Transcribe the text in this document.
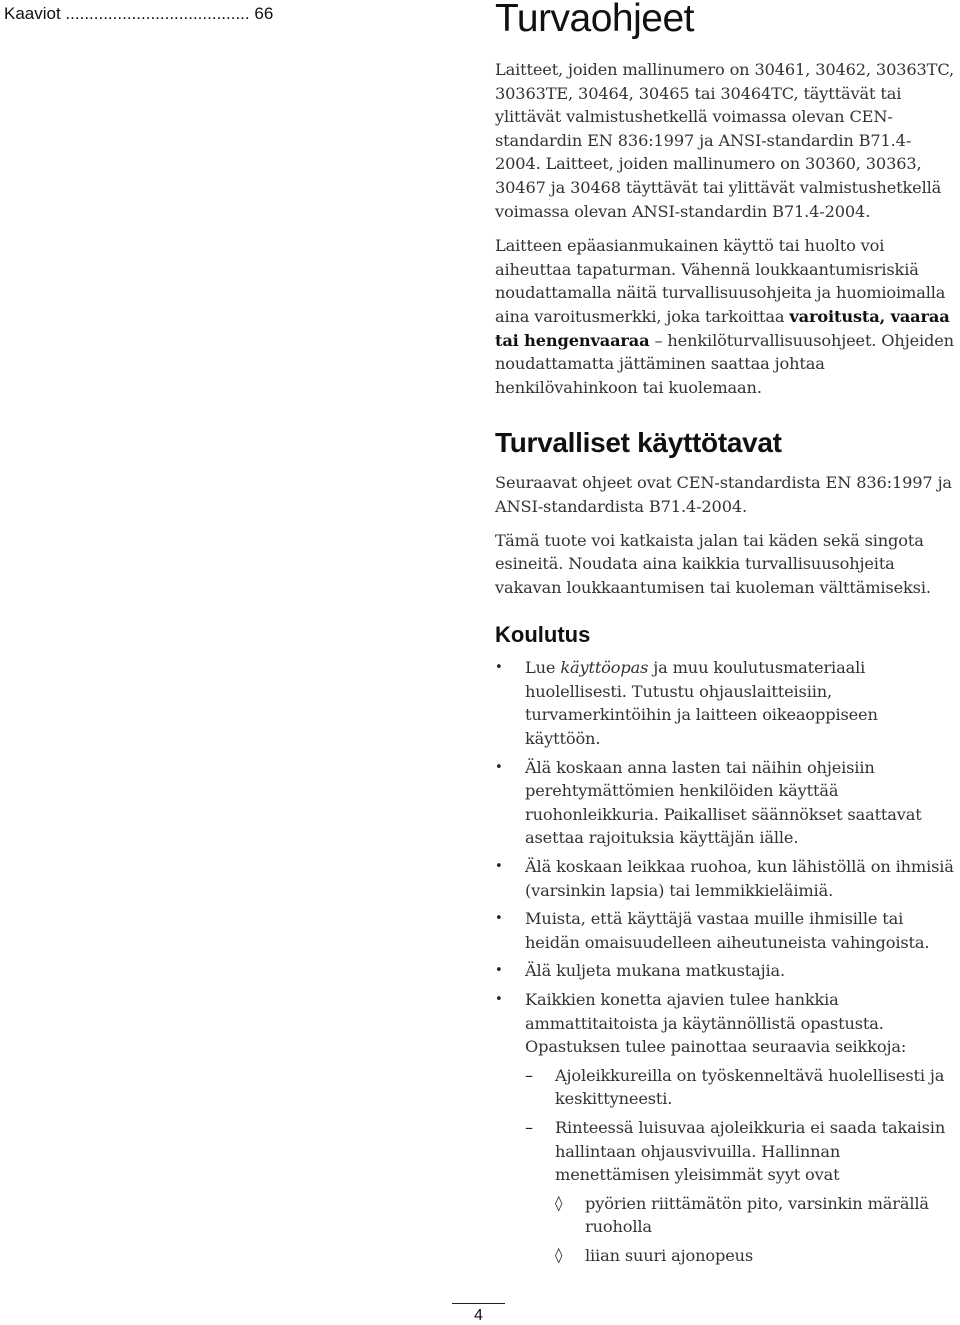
Kaaviot ....................................... 66	Turvaohjeet

Laitteet, joiden mallinumero on 30461, 30462, 30363TC, 30363TE, 30464, 30465 tai 30464TC, täyttävät tai ylittävät valmistushetkellä voimassa olevan CEN-standardin EN 836:1997 ja ANSI-standardin B71.4-2004. Laitteet, joiden mallinumero on 30360, 30363, 30467 ja 30468 täyttävät tai ylittävät valmistushetkellä voimassa olevan ANSI-standardin B71.4-2004.

Laitteen epäasianmukainen käyttö tai huolto voi aiheuttaa tapaturman. Vähennä loukkaantumisriskiä noudattamalla näitä turvallisuusohjeita ja huomioimalla aina varoitusmerkki, joka tarkoittaa varoitusta, vaaraa tai hengenvaaraa – henkilöturvallisuusohjeet. Ohjeiden noudattamatta jättäminen saattaa johtaa henkilövahinkoon tai kuolemaan.

Turvalliset käyttötavat

Seuraavat ohjeet ovat CEN-standardista EN 836:1997 ja ANSI-standardista B71.4-2004.

Tämä tuote voi katkaista jalan tai käden sekä singota esineitä. Noudata aina kaikkia turvallisuusohjeita vakavan loukkaantumisen tai kuoleman välttämiseksi.

Koulutus
• Lue käyttöopas ja muu koulutusmateriaali huolellisesti. Tutustu ohjauslaitteisiin, turvamerkintöihin ja laitteen oikeaoppiseen käyttöön.
• Älä koskaan anna lasten tai näihin ohjeisiin perehtymättömien henkilöiden käyttää ruohonleikkuria. Paikalliset säännökset saattavat asettaa rajoituksia käyttäjän iälle.
• Älä koskaan leikkaa ruohoa, kun lähistöllä on ihmisiä (varsinkin lapsia) tai lemmikkieläimiä.
• Muista, että käyttäjä vastaa muille ihmisille tai heidän omaisuudelleen aiheutuneista vahingoista.
• Älä kuljeta mukana matkustajia.
• Kaikkien konetta ajavien tulee hankkia ammattitaitoista ja käytännöllistä opastusta. Opastuksen tulee painottaa seuraavia seikkoja:
– Ajoleikkureilla on työskenneltävä huolellisesti ja keskittyneesti.
– Rinteessä luisuvaa ajoleikkuria ei saada takaisin hallintaan ohjausvivuilla. Hallinnan menettämisen yleisimmät syyt ovat
◊ pyörien riittämätön pito, varsinkin märällä ruoholla
◊ liian suuri ajonopeus
4
